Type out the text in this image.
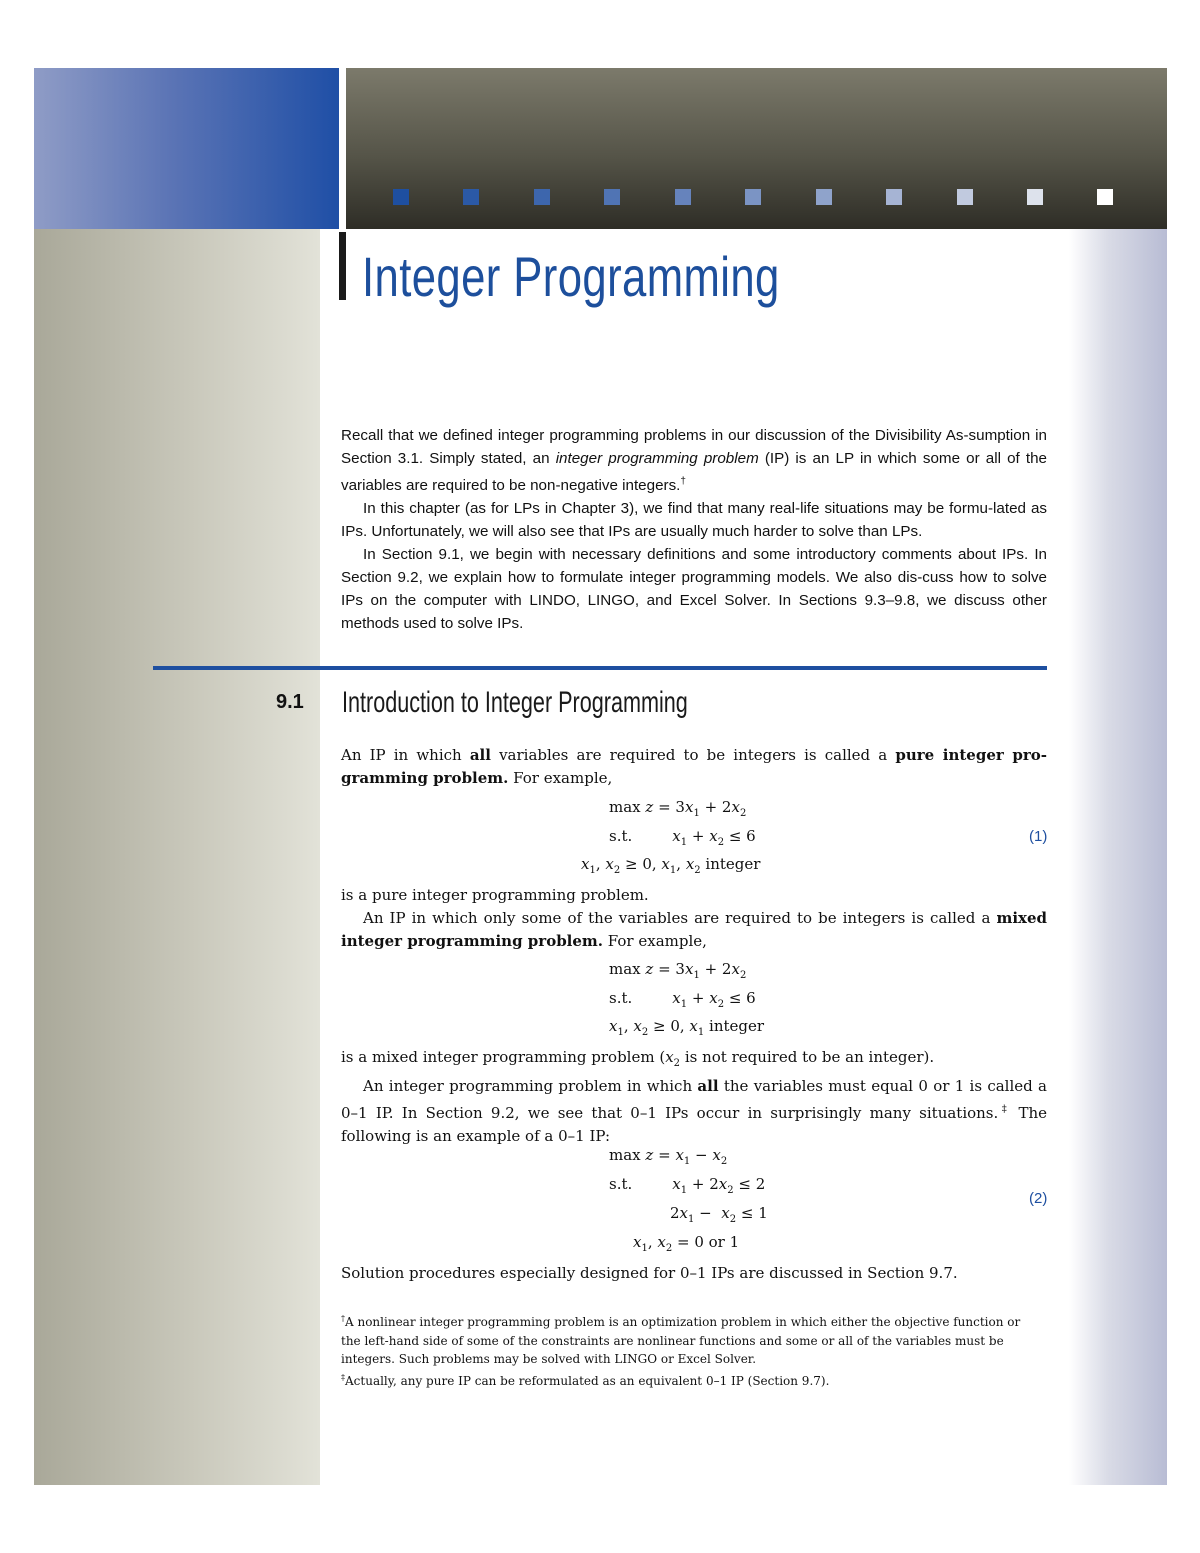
Integer Programming

Recall that we defined integer programming problems in our discussion of the Divisibility As-sumption in Section 3.1. Simply stated, an integer programming problem (IP) is an LP in which some or all of the variables are required to be non-negative integers.†

In this chapter (as for LPs in Chapter 3), we find that many real-life situations may be formu-lated as IPs. Unfortunately, we will also see that IPs are usually much harder to solve than LPs.

In Section 9.1, we begin with necessary definitions and some introductory comments about IPs. In Section 9.2, we explain how to formulate integer programming models. We also dis-cuss how to solve IPs on the computer with LINDO, LINGO, and Excel Solver. In Sections 9.3–9.8, we discuss other methods used to solve IPs.

9.1 Introduction to Integer Programming

An IP in which all variables are required to be integers is called a pure integer pro-gramming problem. For example,

$\max z = 3x_1 + 2x_2$
s.t.	$x_1 + x_2 \le 6$	(1)
$x_1$, $x_2 \ge 0$, $x_1$, $x_2$ integer

is a pure integer programming problem.

An IP in which only some of the variables are required to be integers is called a mixed integer programming problem. For example,

$\max z = 3x_1 + 2x_2$
s.t.	$x_1 + x_2 \le 6$
$x_1$, $x_2 \ge 0$, $x_1$ integer

is a mixed integer programming problem ($x_2$ is not required to be an integer).

An integer programming problem in which all the variables must equal 0 or 1 is called a 0–1 IP. In Section 9.2, we see that 0–1 IPs occur in surprisingly many situations.‡ The following is an example of a 0–1 IP:

$\max z = x_1 - x_2$
s.t.	$x_1 + 2x_2 \le 2$
(2)
$2x_1 - x_2 \le 1$
$x_1$, $x_2 = 0$ or 1

Solution procedures especially designed for 0–1 IPs are discussed in Section 9.7.

†A nonlinear integer programming problem is an optimization problem in which either the objective function or the left-hand side of some of the constraints are nonlinear functions and some or all of the variables must be integers. Such problems may be solved with LINGO or Excel Solver.

‡Actually, any pure IP can be reformulated as an equivalent 0–1 IP (Section 9.7).
